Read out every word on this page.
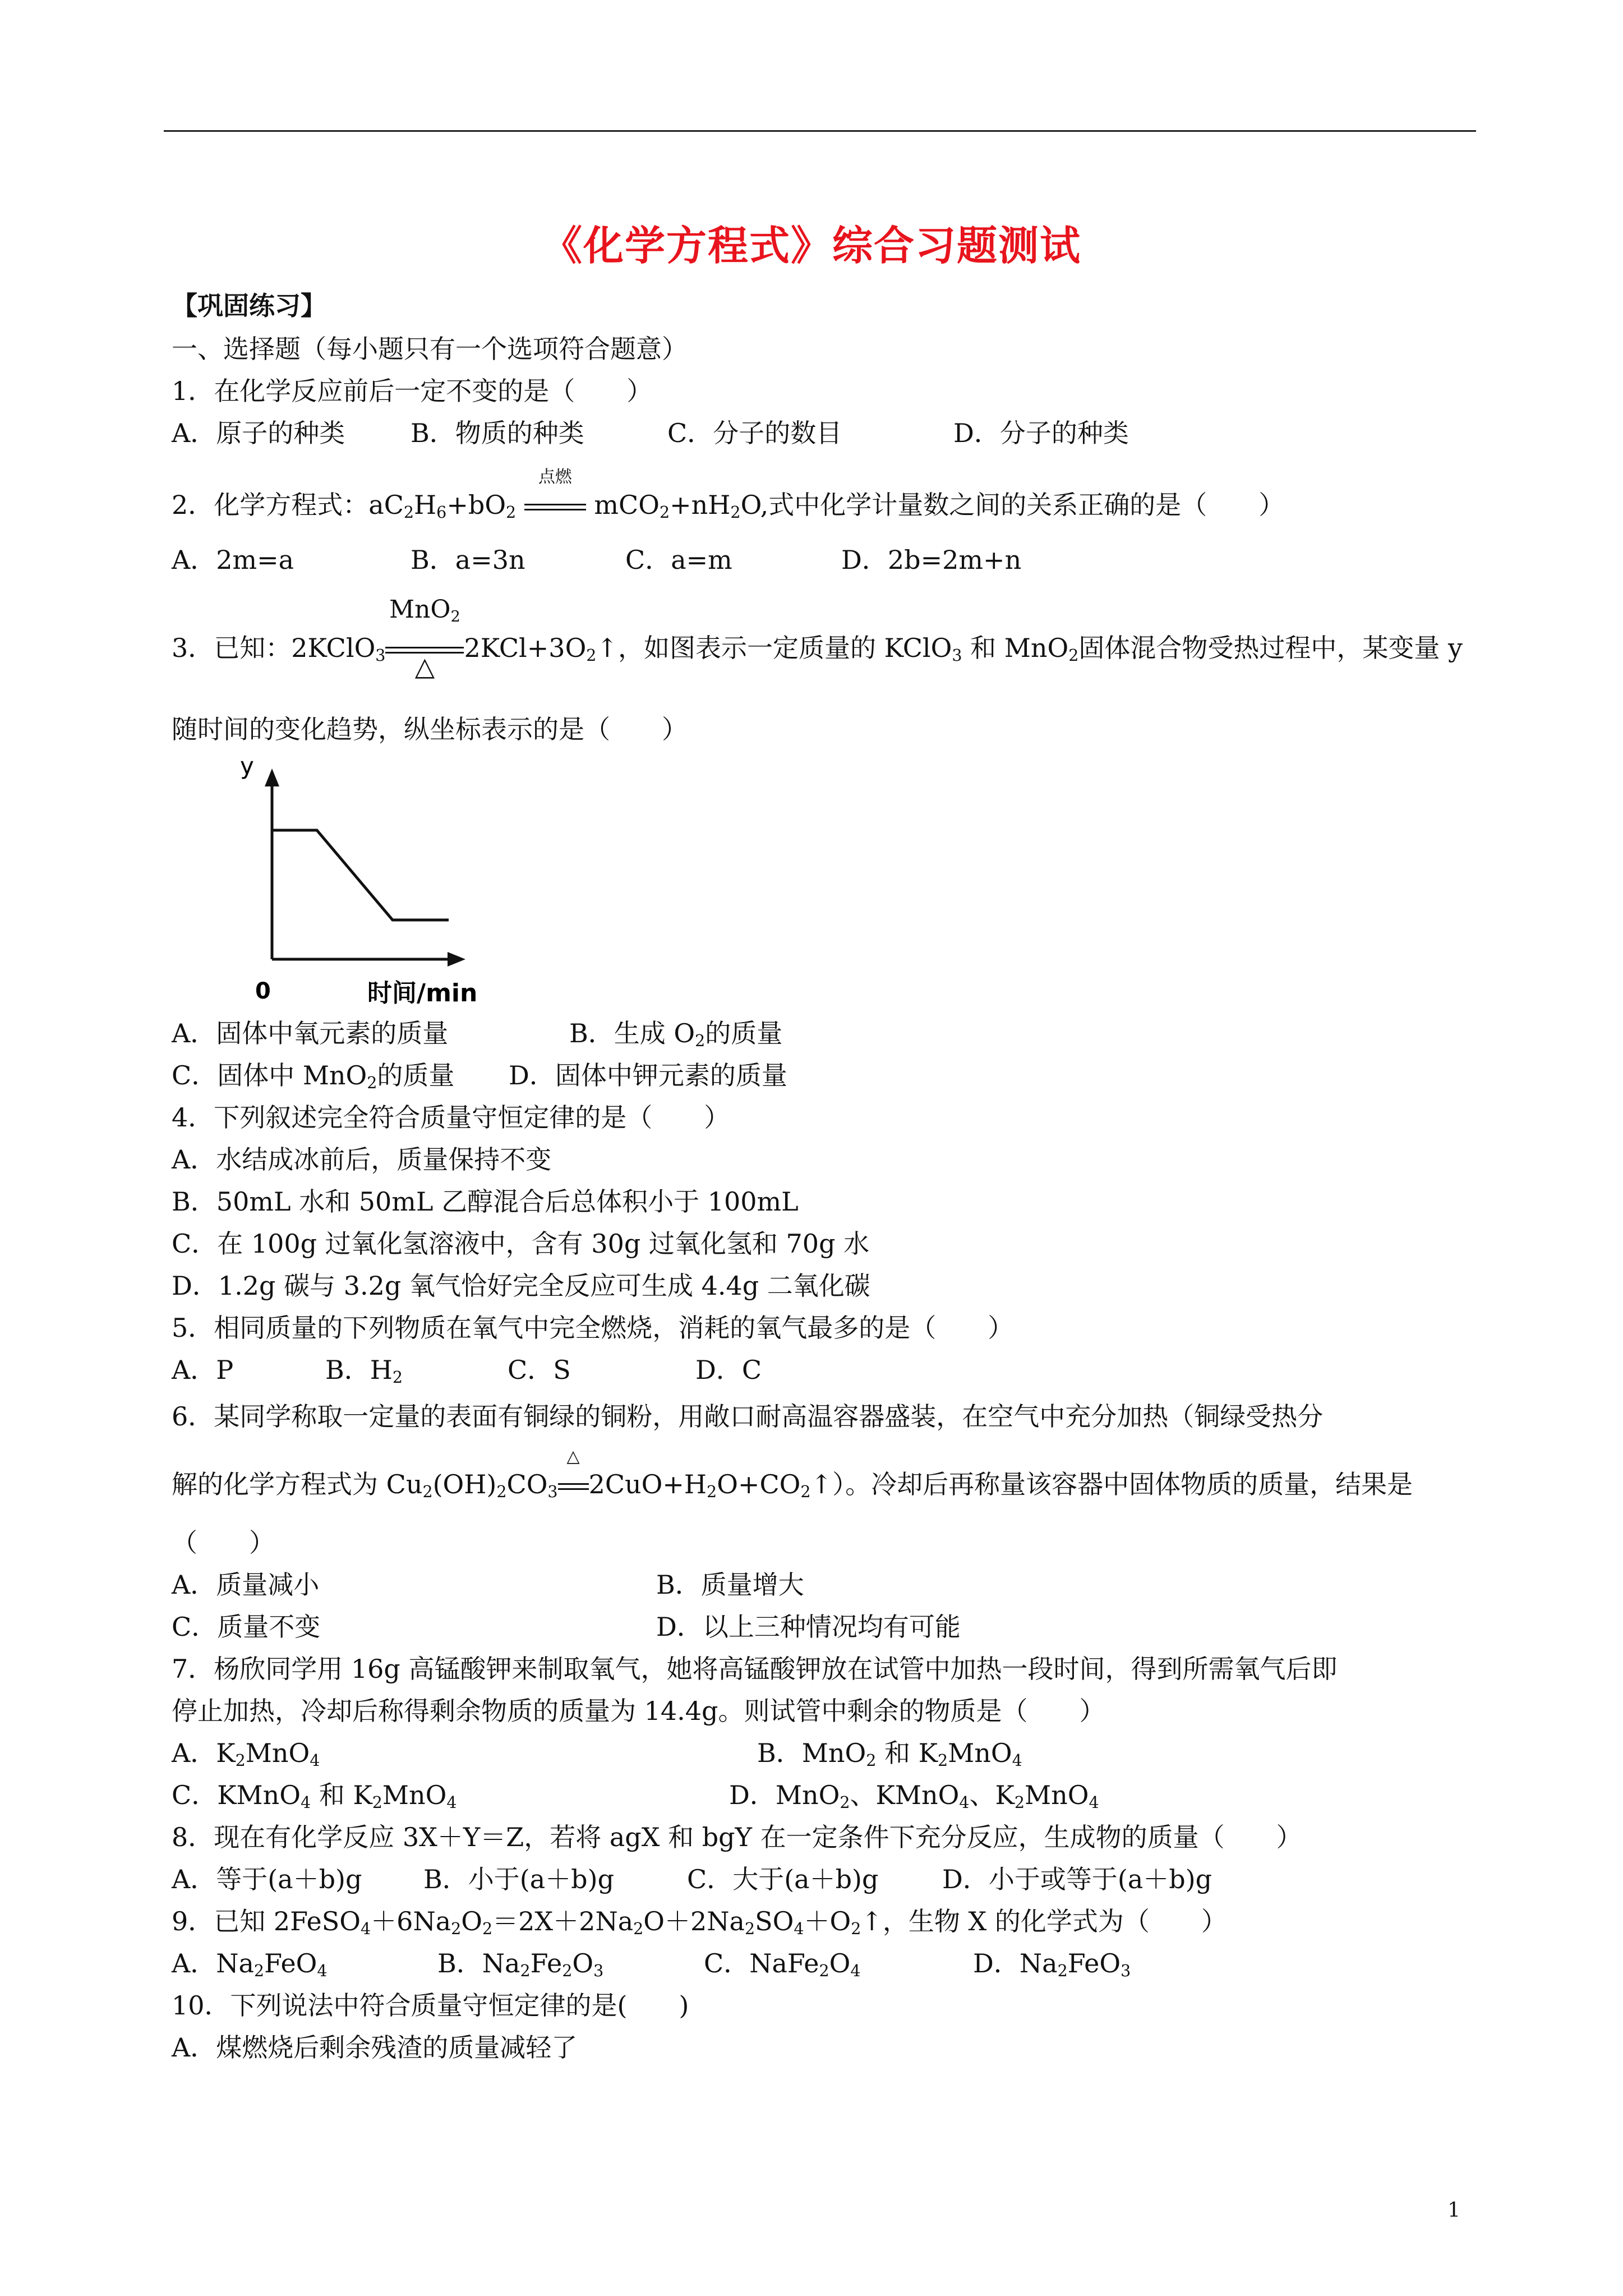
《化学方程式》综合习题测试
【巩固练习】
一、选择题（每小题只有一个选项符合题意）
1．在化学反应前后一定不变的是（　　）
A．原子的种类	B．物质的种类	C．分子的数目	D．分子的种类
2．化学方程式：$aC_2H_6+bO_2$
点燃
$mCO_2+nH_2O$,式中化学计量数之间的关系正确的是（　　）
A．2m=a	B．a=3n	C．a=m	D．2b=2m+n
3．已知：2KClO$_3$
MnO$_2$
△
$2KCl+3O_2↑$，如图表示一定质量的 KClO$_3$ 和 MnO$_2$固体混合物受热过程中，某变量 y
随时间的变化趋势，纵坐标表示的是（　　）
y
0	时间/min
A．固体中氧元素的质量	B．生成 $O_2$的质量
C．固体中 MnO$_2$的质量 D．固体中钾元素的质量
4．下列叙述完全符合质量守恒定律的是（　　）
A．水结成冰前后，质量保持不变
B．50mL 水和 50mL 乙醇混合后总体积小于 100mL
C．在 100g 过氧化氢溶液中，含有 30g 过氧化氢和 70g 水
D．1.2g 碳与 3.2g 氧气恰好完全反应可生成 4.4g 二氧化碳
5．相同质量的下列物质在氧气中完全燃烧，消耗的氧气最多的是（　　）
A．P	B．$H_2$	C．S	D．C
6．某同学称取一定量的表面有铜绿的铜粉，用敞口耐高温容器盛装，在空气中充分加热（铜绿受热分
解的化学方程式为 $Cu_2(OH)_2CO_3$
△
$2CuO+H_2O+CO_2↑$）。冷却后再称量该容器中固体物质的质量，结果是
（　　）
A．质量减小	B．质量增大
C．质量不变	D．以上三种情况均有可能
7．杨欣同学用 16g 高锰酸钾来制取氧气，她将高锰酸钾放在试管中加热一段时间，得到所需氧气后即
停止加热，冷却后称得剩余物质的质量为 14.4g。则试管中剩余的物质是（　　）
A．$K_2MnO_4$	B．MnO$_2$ 和 $K_2MnO_4$
C．KMnO$_4$ 和 $K_2MnO_4$	D．MnO$_2$、KMnO$_4$、$K_2MnO_4$
8．现在有化学反应 3X＋Y＝Z，若将 agX 和 bgY 在一定条件下充分反应，生成物的质量（　　）
A．等于(a＋b)g B．小于(a＋b)g	C．大于(a＋b)g D．小于或等于(a＋b)g
9．已知 $2FeSO_4+6Na_2O_2=2X+2Na_2O+2Na_2SO_4+O_2↑$，生物 X 的化学式为（　　）
A．$Na_2FeO_4$	B．$Na_2Fe_2O_3$	C．$NaFe_2O_4$	D．$Na_2FeO_3$
10．下列说法中符合质量守恒定律的是(　　)
A．煤燃烧后剩余残渣的质量减轻了
1
